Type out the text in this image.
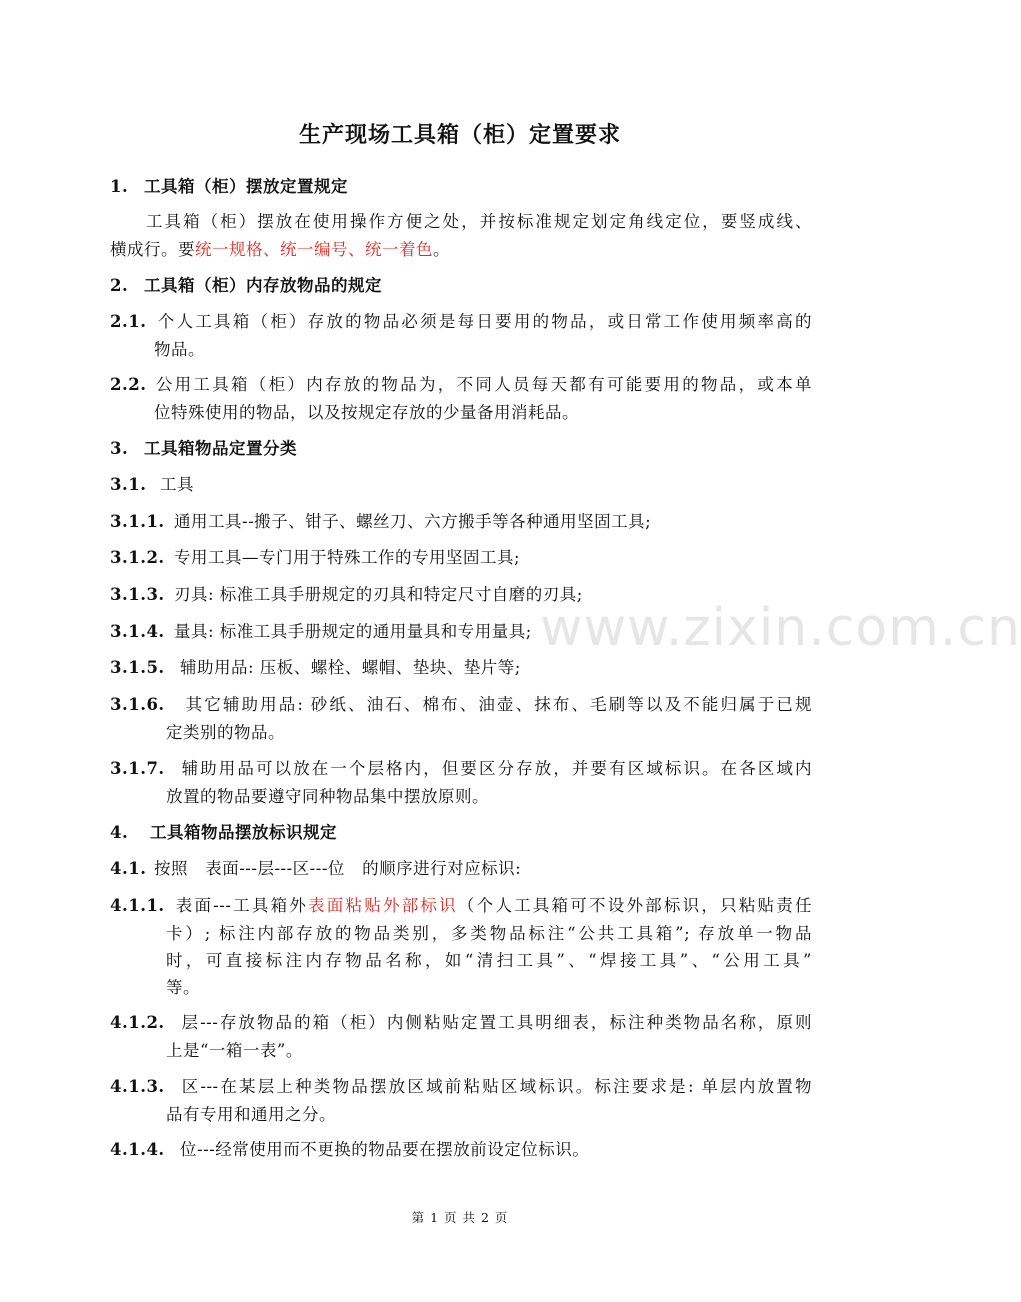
生产现场工具箱（柜）定置要求
1. 工具箱（柜）摆放定置规定
工具箱（柜）摆放在使用操作方便之处，并按标准规定划定角线定位，要竖成线、
横成行。要统一规格、统一编号、统一着色。
2. 工具箱（柜）内存放物品的规定
2.1. 个人工具箱（柜）存放的物品必须是每日要用的物品，或日常工作使用频率高的
物品。
2.2. 公用工具箱（柜）内存放的物品为，不同人员每天都有可能要用的物品，或本单
位特殊使用的物品，以及按规定存放的少量备用消耗品。
3. 工具箱物品定置分类
3.1. 工具
3.1.1. 通用工具--搬子、钳子、螺丝刀、六方搬手等各种通用坚固工具;
3.1.2. 专用工具—专门用于特殊工作的专用坚固工具;
3.1.3. 刃具: 标准工具手册规定的刃具和特定尺寸自磨的刃具;
3.1.4. 量具: 标准工具手册规定的通用量具和专用量具;
3.1.5. 辅助用品: 压板、螺栓、螺帽、垫块、垫片等;
3.1.6. 其它辅助用品: 砂纸、油石、棉布、油壶、抹布、毛刷等以及不能归属于已规
定类别的物品。
3.1.7. 辅助用品可以放在一个层格内，但要区分存放，并要有区域标识。在各区域内
放置的物品要遵守同种物品集中摆放原则。
4. 工具箱物品摆放标识规定
4.1. 按照   表面---层---区---位   的顺序进行对应标识:
4.1.1. 表面---工具箱外表面粘贴外部标识（个人工具箱可不设外部标识，只粘贴责任
卡）; 标注内部存放的物品类别，多类物品标注“公共工具箱”; 存放单一物品
时，可直接标注内存物品名称，如“清扫工具”、“焊接工具”、“公用工具”
等。
4.1.2. 层---存放物品的箱（柜）内侧粘贴定置工具明细表，标注种类物品名称，原则
上是“一箱一表”。
4.1.3. 区---在某层上种类物品摆放区域前粘贴区域标识。标注要求是: 单层内放置物
品有专用和通用之分。
4.1.4. 位---经常使用而不更换的物品要在摆放前设定位标识。
www.zixin.com.cn
第 1 页 共 2 页
